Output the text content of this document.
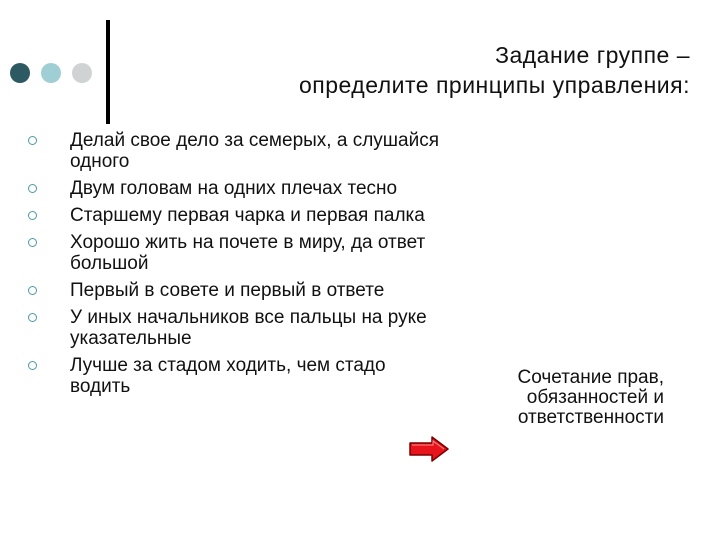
Задание группе –
определите принципы управления:
Делай свое дело за семерых, а слушайся одного
Двум головам на одних плечах тесно
Старшему первая чарка и первая палка
Хорошо жить на почете в миру, да ответ большой
Первый в совете и первый в ответе
У иных начальников все пальцы на руке указательные
Лучше за стадом ходить, чем стадо водить	Сочетание прав,
обязанностей и
ответственности
